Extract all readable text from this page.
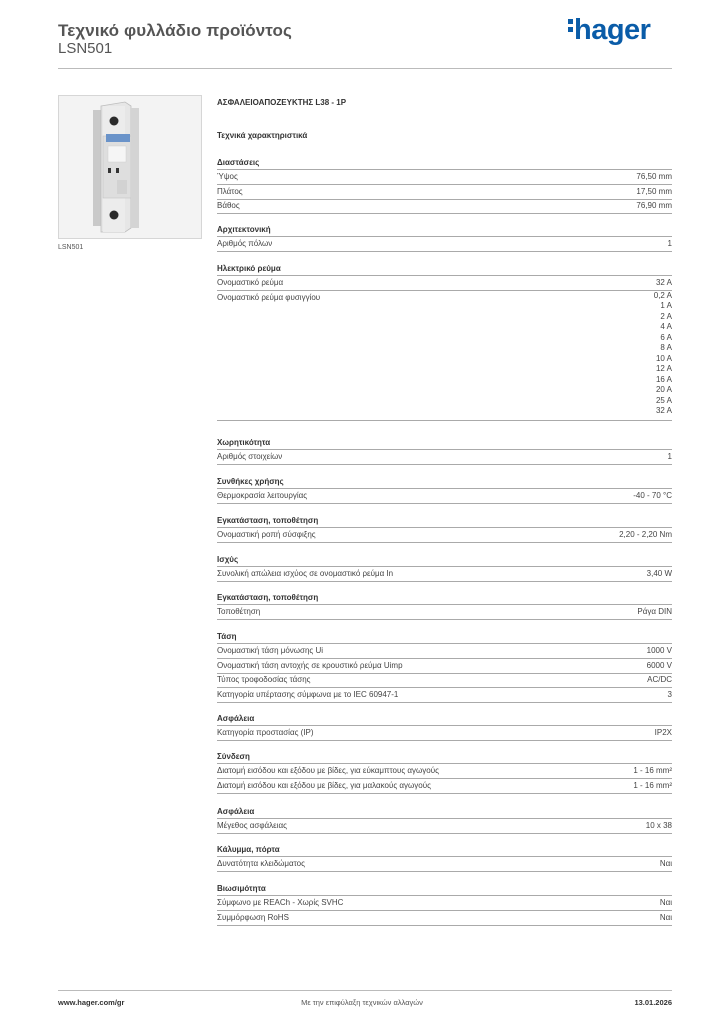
Τεχνικό φυλλάδιο προϊόντος
LSN501
hager
LSN501
ΑΣΦΑΛΕΙΟΑΠΟΖΕΥΚΤΗΣ L38 - 1P
Τεχνικά χαρακτηριστικά
Διαστάσεις
Ύψος	76,50 mm
Πλάτος	17,50 mm
Βάθος	76,90 mm
Αρχιτεκτονική
Αριθμός πόλων	1
Ηλεκτρικό ρεύμα
Ονομαστικό ρεύμα	32 A
Ονομαστικό ρεύμα φυσιγγίου	0,2 A
1 A
2 A
4 A
6 A
8 A
10 A
12 A
16 A
20 A
25 A
32 A
Χωρητικότητα
Αριθμός στοιχείων	1
Συνθήκες χρήσης
Θερμοκρασία λειτουργίας	-40 - 70 °C
Εγκατάσταση, τοποθέτηση
Ονομαστική ροπή σύσφιξης	2,20 - 2,20 Nm
Ισχύς
Συνολική απώλεια ισχύος σε ονομαστικό ρεύμα In	3,40 W
Εγκατάσταση, τοποθέτηση
Τοποθέτηση	Ράγα DIN
Τάση
Ονομαστική τάση μόνωσης Ui	1000 V
Ονομαστική τάση αντοχής σε κρουστικό ρεύμα Uimp	6000 V
Τύπος τροφοδοσίας τάσης	AC/DC
Κατηγορία υπέρτασης σύμφωνα με το IEC 60947-1	3
Ασφάλεια
Κατηγορία προστασίας (IP)	IP2X
Σύνδεση
Διατομή εισόδου και εξόδου με βίδες, για εύκαμπτους αγωγούς	1 - 16 mm²
Διατομή εισόδου και εξόδου με βίδες, για μαλακούς αγωγούς	1 - 16 mm²
Ασφάλεια
Μέγεθος ασφάλειας	10 x 38
Κάλυμμα, πόρτα
Δυνατότητα κλειδώματος	Ναι
Βιωσιμότητα
Σύμφωνο με REACh - Χωρίς SVHC	Ναι
Συμμόρφωση RoHS	Ναι
www.hager.com/gr	Με την επιφύλαξη τεχνικών αλλαγών	13.01.2026
